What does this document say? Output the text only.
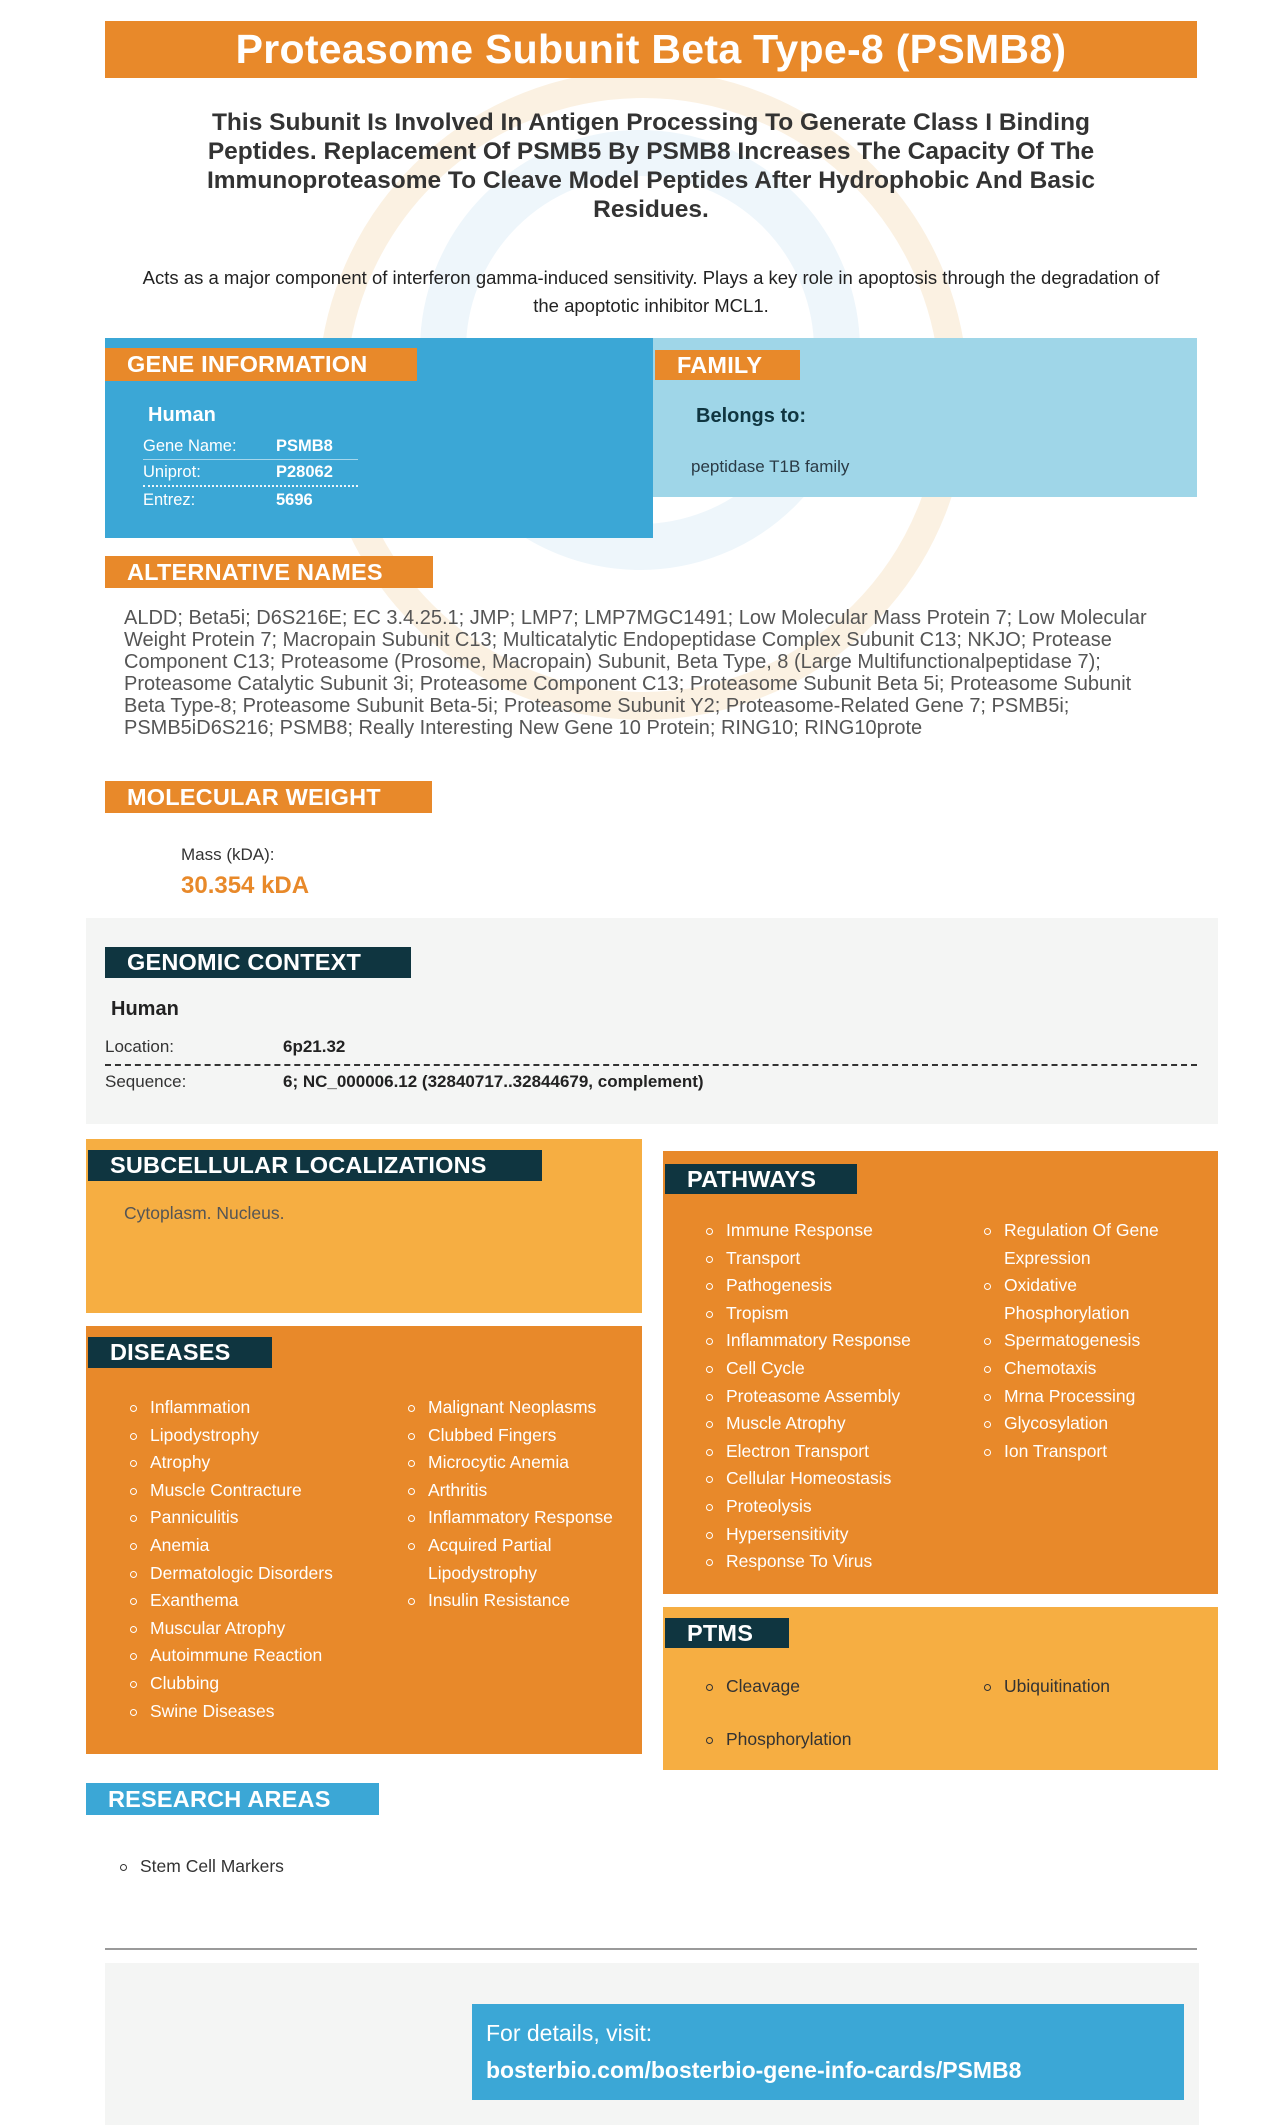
Proteasome Subunit Beta Type-8 (PSMB8)
This Subunit Is Involved In Antigen Processing To Generate Class I Binding Peptides. Replacement Of PSMB5 By PSMB8 Increases The Capacity Of The Immunoproteasome To Cleave Model Peptides After Hydrophobic And Basic Residues.
Acts as a major component of interferon gamma-induced sensitivity. Plays a key role in apoptosis through the degradation of the apoptotic inhibitor MCL1.
GENE INFORMATION
Human
Gene Name:	PSMB8
Uniprot:	P28062
Entrez:	5696
FAMILY
Belongs to:
peptidase T1B family
ALTERNATIVE NAMES
ALDD; Beta5i; D6S216E; EC 3.4.25.1; JMP; LMP7; LMP7MGC1491; Low Molecular Mass Protein 7; Low Molecular
Weight Protein 7; Macropain Subunit C13; Multicatalytic Endopeptidase Complex Subunit C13; NKJO; Protease
Component C13; Proteasome (Prosome, Macropain) Subunit, Beta Type, 8 (Large Multifunctionalpeptidase 7);
Proteasome Catalytic Subunit 3i; Proteasome Component C13; Proteasome Subunit Beta 5i; Proteasome Subunit
Beta Type-8; Proteasome Subunit Beta-5i; Proteasome Subunit Y2; Proteasome-Related Gene 7; PSMB5i;
PSMB5iD6S216; PSMB8; Really Interesting New Gene 10 Protein; RING10; RING10prote
MOLECULAR WEIGHT
Mass (kDA):
30.354 kDA
GENOMIC CONTEXT
Human
Location:	6p21.32
Sequence:	6; NC_000006.12 (32840717..32844679, complement)
SUBCELLULAR LOCALIZATIONS
Cytoplasm. Nucleus.
DISEASES
Inflammation
Lipodystrophy
Atrophy
Muscle Contracture
Panniculitis
Anemia
Dermatologic Disorders
Exanthema
Muscular Atrophy
Autoimmune Reaction
Clubbing
Swine Diseases
Malignant Neoplasms
Clubbed Fingers
Microcytic Anemia
Arthritis
Inflammatory Response
Acquired Partial
Lipodystrophy
Insulin Resistance
PATHWAYS
Immune Response
Transport
Pathogenesis
Tropism
Inflammatory Response
Cell Cycle
Proteasome Assembly
Muscle Atrophy
Electron Transport
Cellular Homeostasis
Proteolysis
Hypersensitivity
Response To Virus
Regulation Of Gene
Expression
Oxidative
Phosphorylation
Spermatogenesis
Chemotaxis
Mrna Processing
Glycosylation
Ion Transport
PTMS
Cleavage
Phosphorylation
Ubiquitination
RESEARCH AREAS
Stem Cell Markers
For details, visit:
bosterbio.com/bosterbio-gene-info-cards/PSMB8
